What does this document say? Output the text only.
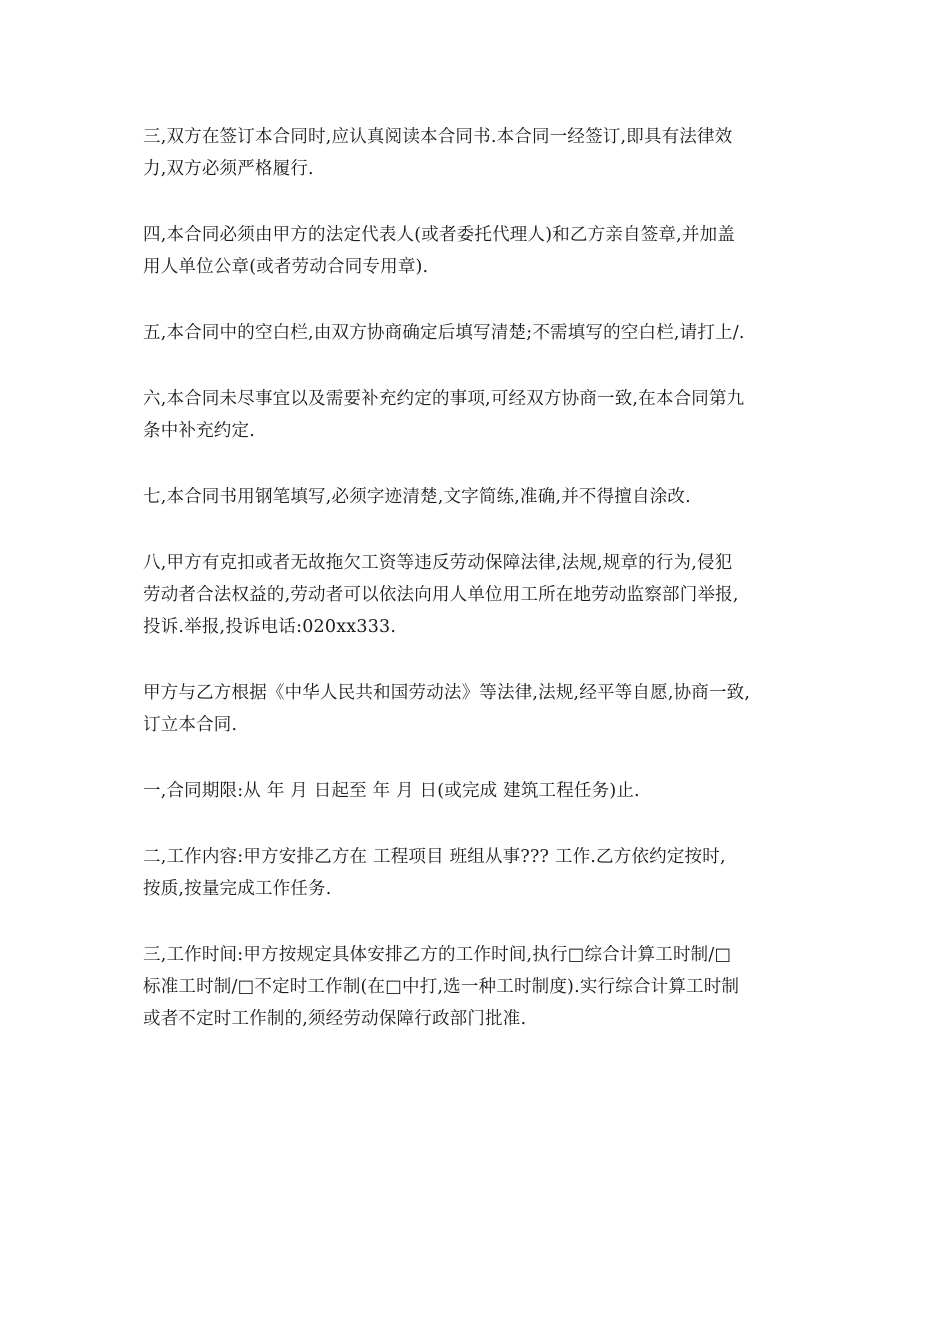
三,双方在签订本合同时,应认真阅读本合同书.本合同一经签订,即具有法律效
力,双方必须严格履行.

四,本合同必须由甲方的法定代表人(或者委托代理人)和乙方亲自签章,并加盖
用人单位公章(或者劳动合同专用章).

五,本合同中的空白栏,由双方协商确定后填写清楚;不需填写的空白栏,请打上/.

六,本合同未尽事宜以及需要补充约定的事项,可经双方协商一致,在本合同第九
条中补充约定.

七,本合同书用钢笔填写,必须字迹清楚,文字简练,准确,并不得擅自涂改.

八,甲方有克扣或者无故拖欠工资等违反劳动保障法律,法规,规章的行为,侵犯
劳动者合法权益的,劳动者可以依法向用人单位用工所在地劳动监察部门举报,
投诉.举报,投诉电话:020xx333.

甲方与乙方根据《中华人民共和国劳动法》等法律,法规,经平等自愿,协商一致,
订立本合同.

一,合同期限:从 年 月 日起至 年 月 日(或完成 建筑工程任务)止.

二,工作内容:甲方安排乙方在 工程项目 班组从事??? 工作.乙方依约定按时,
按质,按量完成工作任务.

三,工作时间:甲方按规定具体安排乙方的工作时间,执行□综合计算工时制/□
标准工时制/□不定时工作制(在□中打,选一种工时制度).实行综合计算工时制
或者不定时工作制的,须经劳动保障行政部门批准.
